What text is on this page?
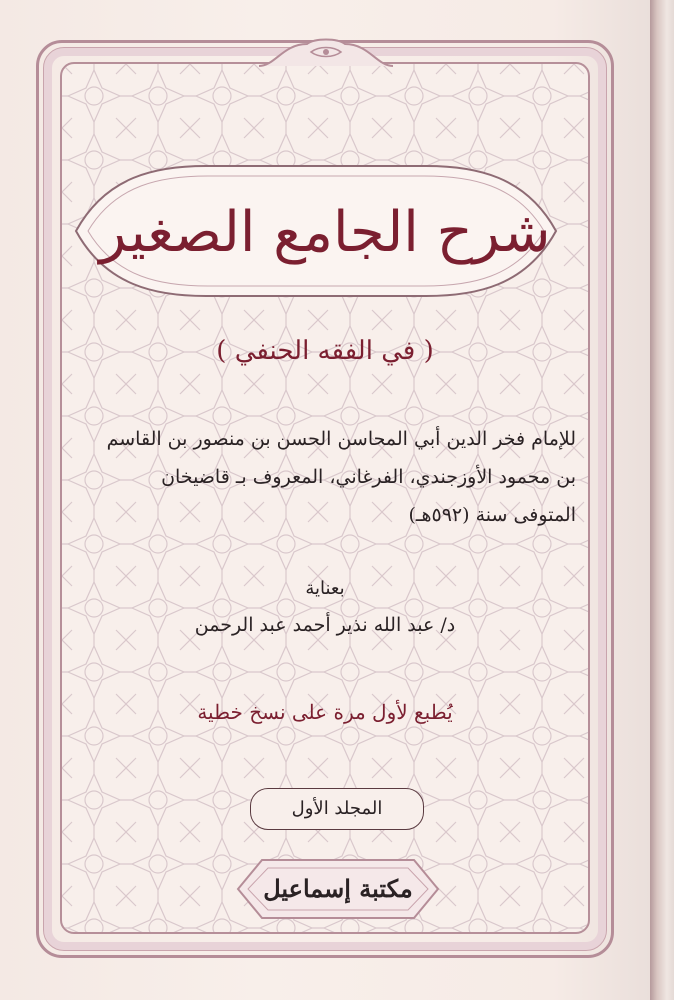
شرح الجامع الصغير
( في الفقه الحنفي )
للإمام فخر الدين أبي المحاسن الحسن بن منصور بن القاسم
بن محمود الأوزجندي، الفرغاني، المعروف بـ قاضيخان
المتوفى سنة (٥٩٢هـ)
بعناية
د/ عبد الله نذير أحمد عبد الرحمن
يُطبع لأول مرة على نسخ خطية
المجلد الأول
مكتبة إسماعيل
